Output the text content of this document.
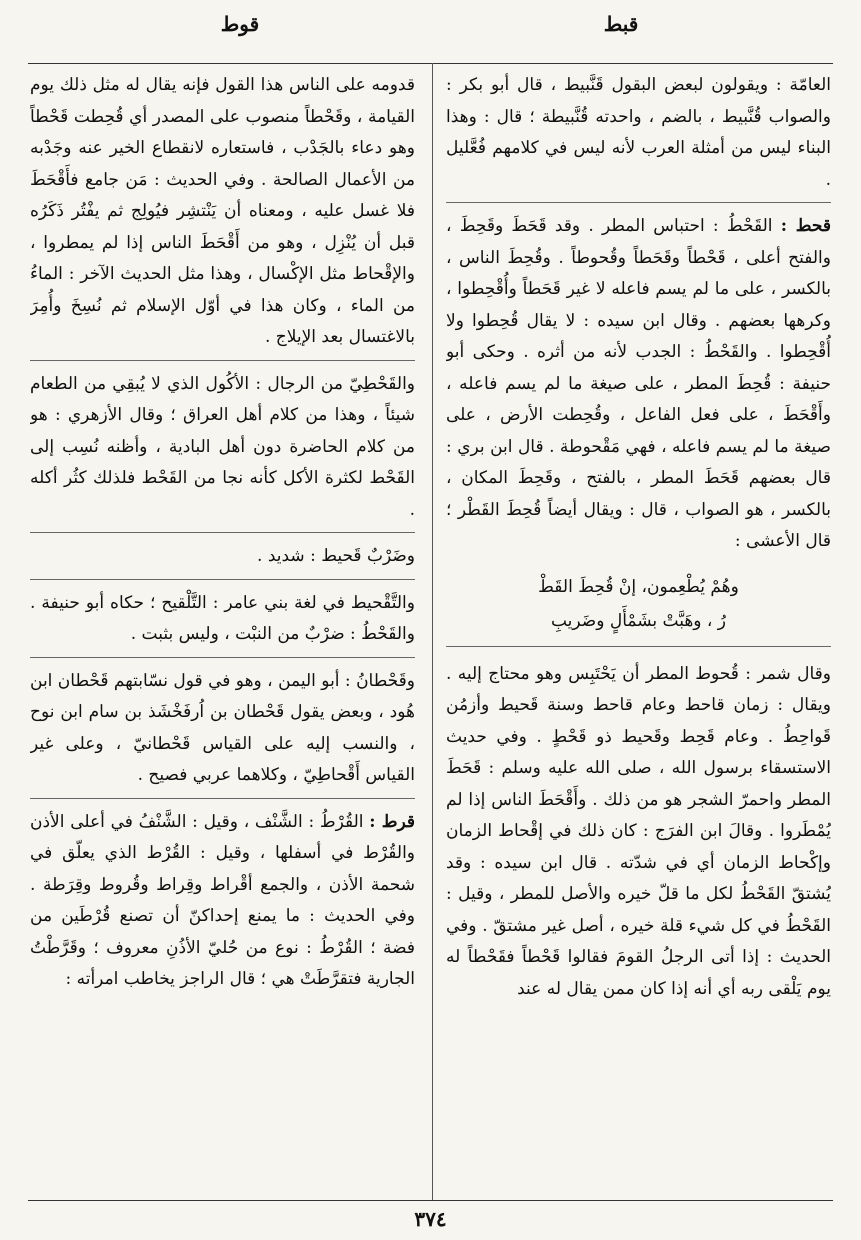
قبط
قوط

العامّة : ويقولون لبعض البقول قَنَّبيط ، قال أبو بكر : والصواب قُنَّبيط ، بالضم ، واحدته قُنَّبيطة ؛ قال : وهذا البناء ليس من أمثلة العرب لأنه ليس في كلامهم فُعَّليل .

قحط : القَحْطُ : احتباس المطر . وقد قَحَطَ وقَحِطَ ، والفتح أعلى ، قَحْطاً وقَحَطاً وقُحوطاً . وقُحِطَ الناس ، بالكسر ، على ما لم يسم فاعله لا غير قَحَطاً وأُقْحِطوا ، وكرهها بعضهم . وقال ابن سيده : لا يقال قُحِطوا ولا أُقْحِطوا . والقَحْطُ : الجدب لأنه من أثره . وحكى أبو حنيفة : قُحِطَ المطر ، على صيغة ما لم يسم فاعله ، وأَقْحَطَ ، على فعل الفاعل ، وقُحِطت الأرض ، على صيغة ما لم يسم فاعله ، فهي مَقْحوطة . قال ابن بري : قال بعضهم قَحَطَ المطر ، بالفتح ، وقَحِطَ المكان ، بالكسر ، هو الصواب ، قال : ويقال أيضاً قُحِطَ القَطْر ؛ قال الأعشى :

وهُمْ يُطْعِمون، إنْ قُحِطَ القَطْ
رُ ، وهَبَّتْ بشَمْأَلٍ وضَريبِ

وقال شمر : قُحوط المطر أن يَحْتَبِس وهو محتاج إليه . ويقال : زمان قاحط وعام قاحط وسنة قَحيط وأزمُن قَواحِطُ . وعام قَحِط وقَحيط ذو قَحْطٍ . وفي حديث الاستسقاء برسول الله ، صلى الله عليه وسلم : قَحَطَ المطر واحمرّ الشجر هو من ذلك . وأَقْحَطَ الناس إذا لم يُمْطَروا . وقالَ ابن الفرَج : كان ذلك في إقْحاط الزمان وإكْحاط الزمان أي في شدّته . قال ابن سيده : وقد يُشتقّ القَحْطُ لكل ما قلّ خيره والأصل للمطر ، وقيل : القَحْطُ في كل شيء قلة خيره ، أصل غير مشتقّ . وفي الحديث : إذا أتى الرجلُ القومَ فقالوا قَحْطاً فقَحْطاً له يوم يَلْقى ربه أي أنه إذا كان ممن يقال له عند

قدومه على الناس هذا القول فإنه يقال له مثل ذلك يوم القيامة ، وقَحْطاً منصوب على المصدر أي قُحِطت قَحْطاً وهو دعاء بالجَدْب ، فاستعاره لانقطاع الخير عنه وجَدْبه من الأعمال الصالحة . وفي الحديث : مَن جامع فأَقْحَطَ فلا غسل عليه ، ومعناه أن يَنْتشِر فيُولِج ثم يفْتُر ذَكَرُه قبل أن يُنْزِل ، وهو من أَقْحَطَ الناس إذا لم يمطروا ، والإقْحاط مثل الإكْسال ، وهذا مثل الحديث الآخر : الماءُ من الماء ، وكان هذا في أوّل الإسلام ثم نُسِخَ وأُمِرَ بالاغتسال بعد الإيلاج .

والقَحْطِيّ من الرجال : الأكُول الذي لا يُبقِي من الطعام شيئاً ، وهذا من كلام أهل العراق ؛ وقال الأزهري : هو من كلام الحاضرة دون أهل البادية ، وأظنه نُسِب إلى القَحْط لكثرة الأكل كأنه نجا من القَحْط فلذلك كثُر أكله .

وضَرْبٌ قَحيط : شديد .

والتَّقْحيط في لغة بني عامر : التَّلْقيح ؛ حكاه أبو حنيفة . والقَحْطُ : ضرْبٌ من النبْت ، وليس بثبت .

وقَحْطانُ : أبو اليمن ، وهو في قول نسّابتهم قَحْطان ابن هُود ، وبعض يقول قَحْطان بن اُرفَخْشَذ بن سام ابن نوح ، والنسب إليه على القياس قَحْطانيّ ، وعلى غير القياس أَقْحاطِيّ ، وكلاهما عربي فصيح .

قرط : القُرْطُ : الشَّنْف ، وقيل : الشَّنْفُ في أعلى الأذن والقُرْط في أسفلها ، وقيل : القُرْط الذي يعلّق في شحمة الأذن ، والجمع أقْراط وقِراط وقُروط وقِرَطة . وفي الحديث : ما يمنع إحداكنّ أن تصنع قُرْطَين من فضة ؛ القُرْطُ : نوع من حُليّ الأذُنِ معروف ؛ وقَرَّطْتُ الجارية فتقرَّطَتْ هي ؛ قال الراجز يخاطب امرأته :

٣٧٤
